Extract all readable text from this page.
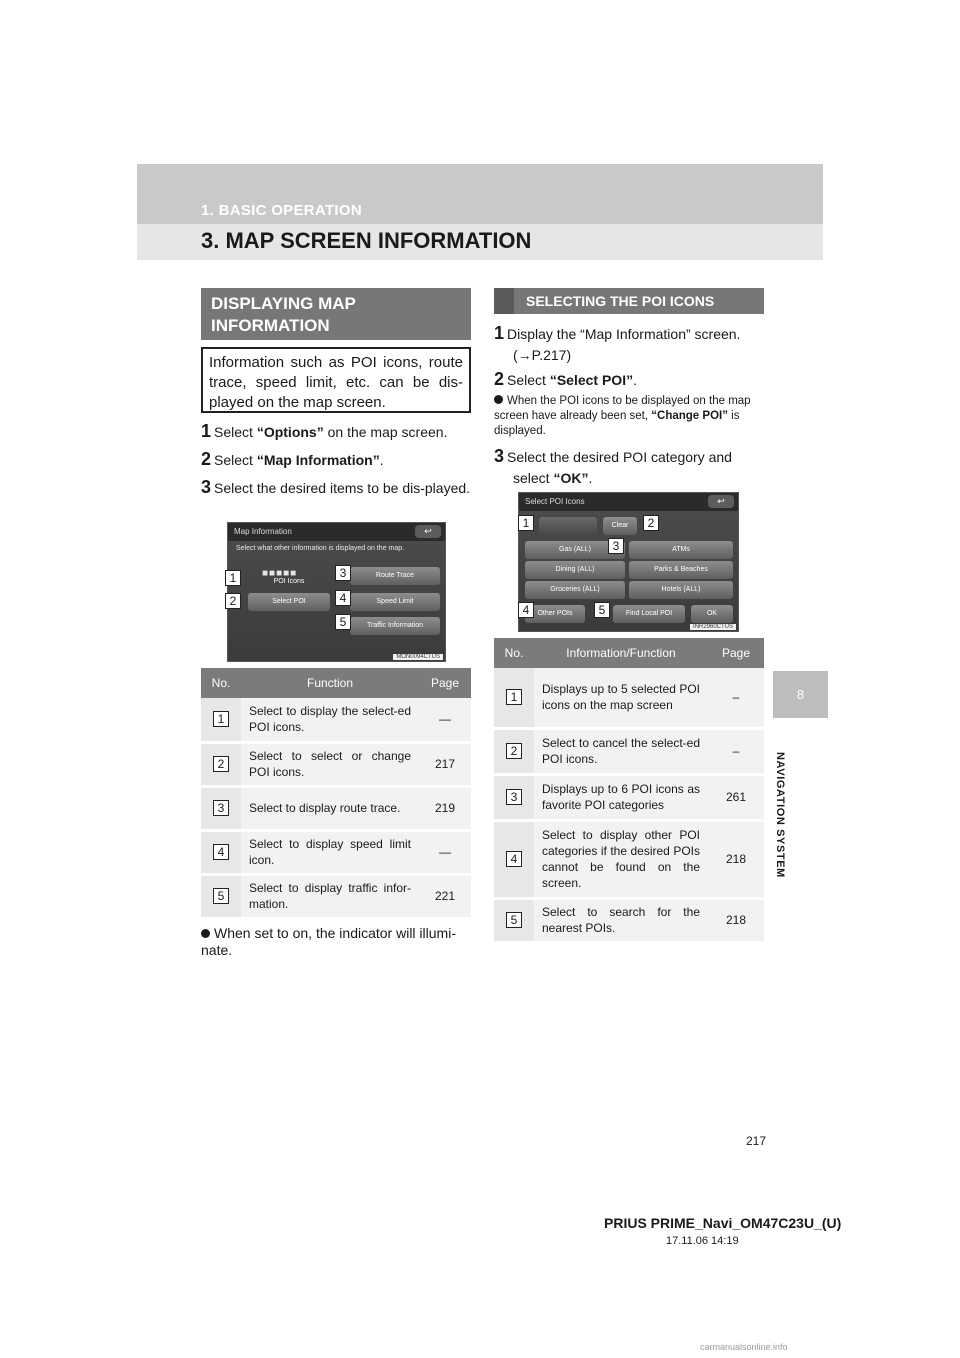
1. BASIC OPERATION
3. MAP SCREEN INFORMATION
8
NAVIGATION SYSTEM
DISPLAYING MAP INFORMATION
Information such as POI icons, route trace, speed limit, etc. can be dis-played on the map screen.
1 Select “Options” on the map screen.
2 Select “Map Information”.
3 Select the desired items to be dis-played.
Map Information	↩
Select what other information is displayed on the map.
POI Icons
Route Trace
Select POI	Speed Limit
Traffic Information
MON0094CTUS
■■■■■
1
2
3
4
5
No.	Function	Page
1	Select to display the select-ed POI icons.	—
2	Select to select or change POI icons.	217
3	Select to display route trace.	219
4	Select to display speed limit icon.	—
5	Select to display traffic infor-mation.	221
When set to on, the indicator will illumi-nate.
SELECTING THE POI ICONS
1 Display the “Map Information” screen.
(→P.217)
2 Select “Select POI”.
When the POI icons to be displayed on the map screen have already been set, “Change POI” is displayed.
3 Select the desired POI category and
select “OK”.
Select POI Icons	↩
Clear
Gas (ALL)	ATMs
Dining (ALL)	Parks & Beaches
Groceries (ALL)	Hotels (ALL)
Other POIs	Find Local POI	OK
INR2960CTUS
1	2
3
4	5
No.	Information/Function	Page
1	Displays up to 5 selected POI icons on the map screen	–
2	Select to cancel the select-ed POI icons.	–
3	Displays up to 6 POI icons as favorite POI categories	261
4	Select to display other POI categories if the desired POIs cannot be found on the screen.	218
5	Select to search for the nearest POIs.	218
217
PRIUS PRIME_Navi_OM47C23U_(U)
17.11.06 14:19
carmanualsonline.info
